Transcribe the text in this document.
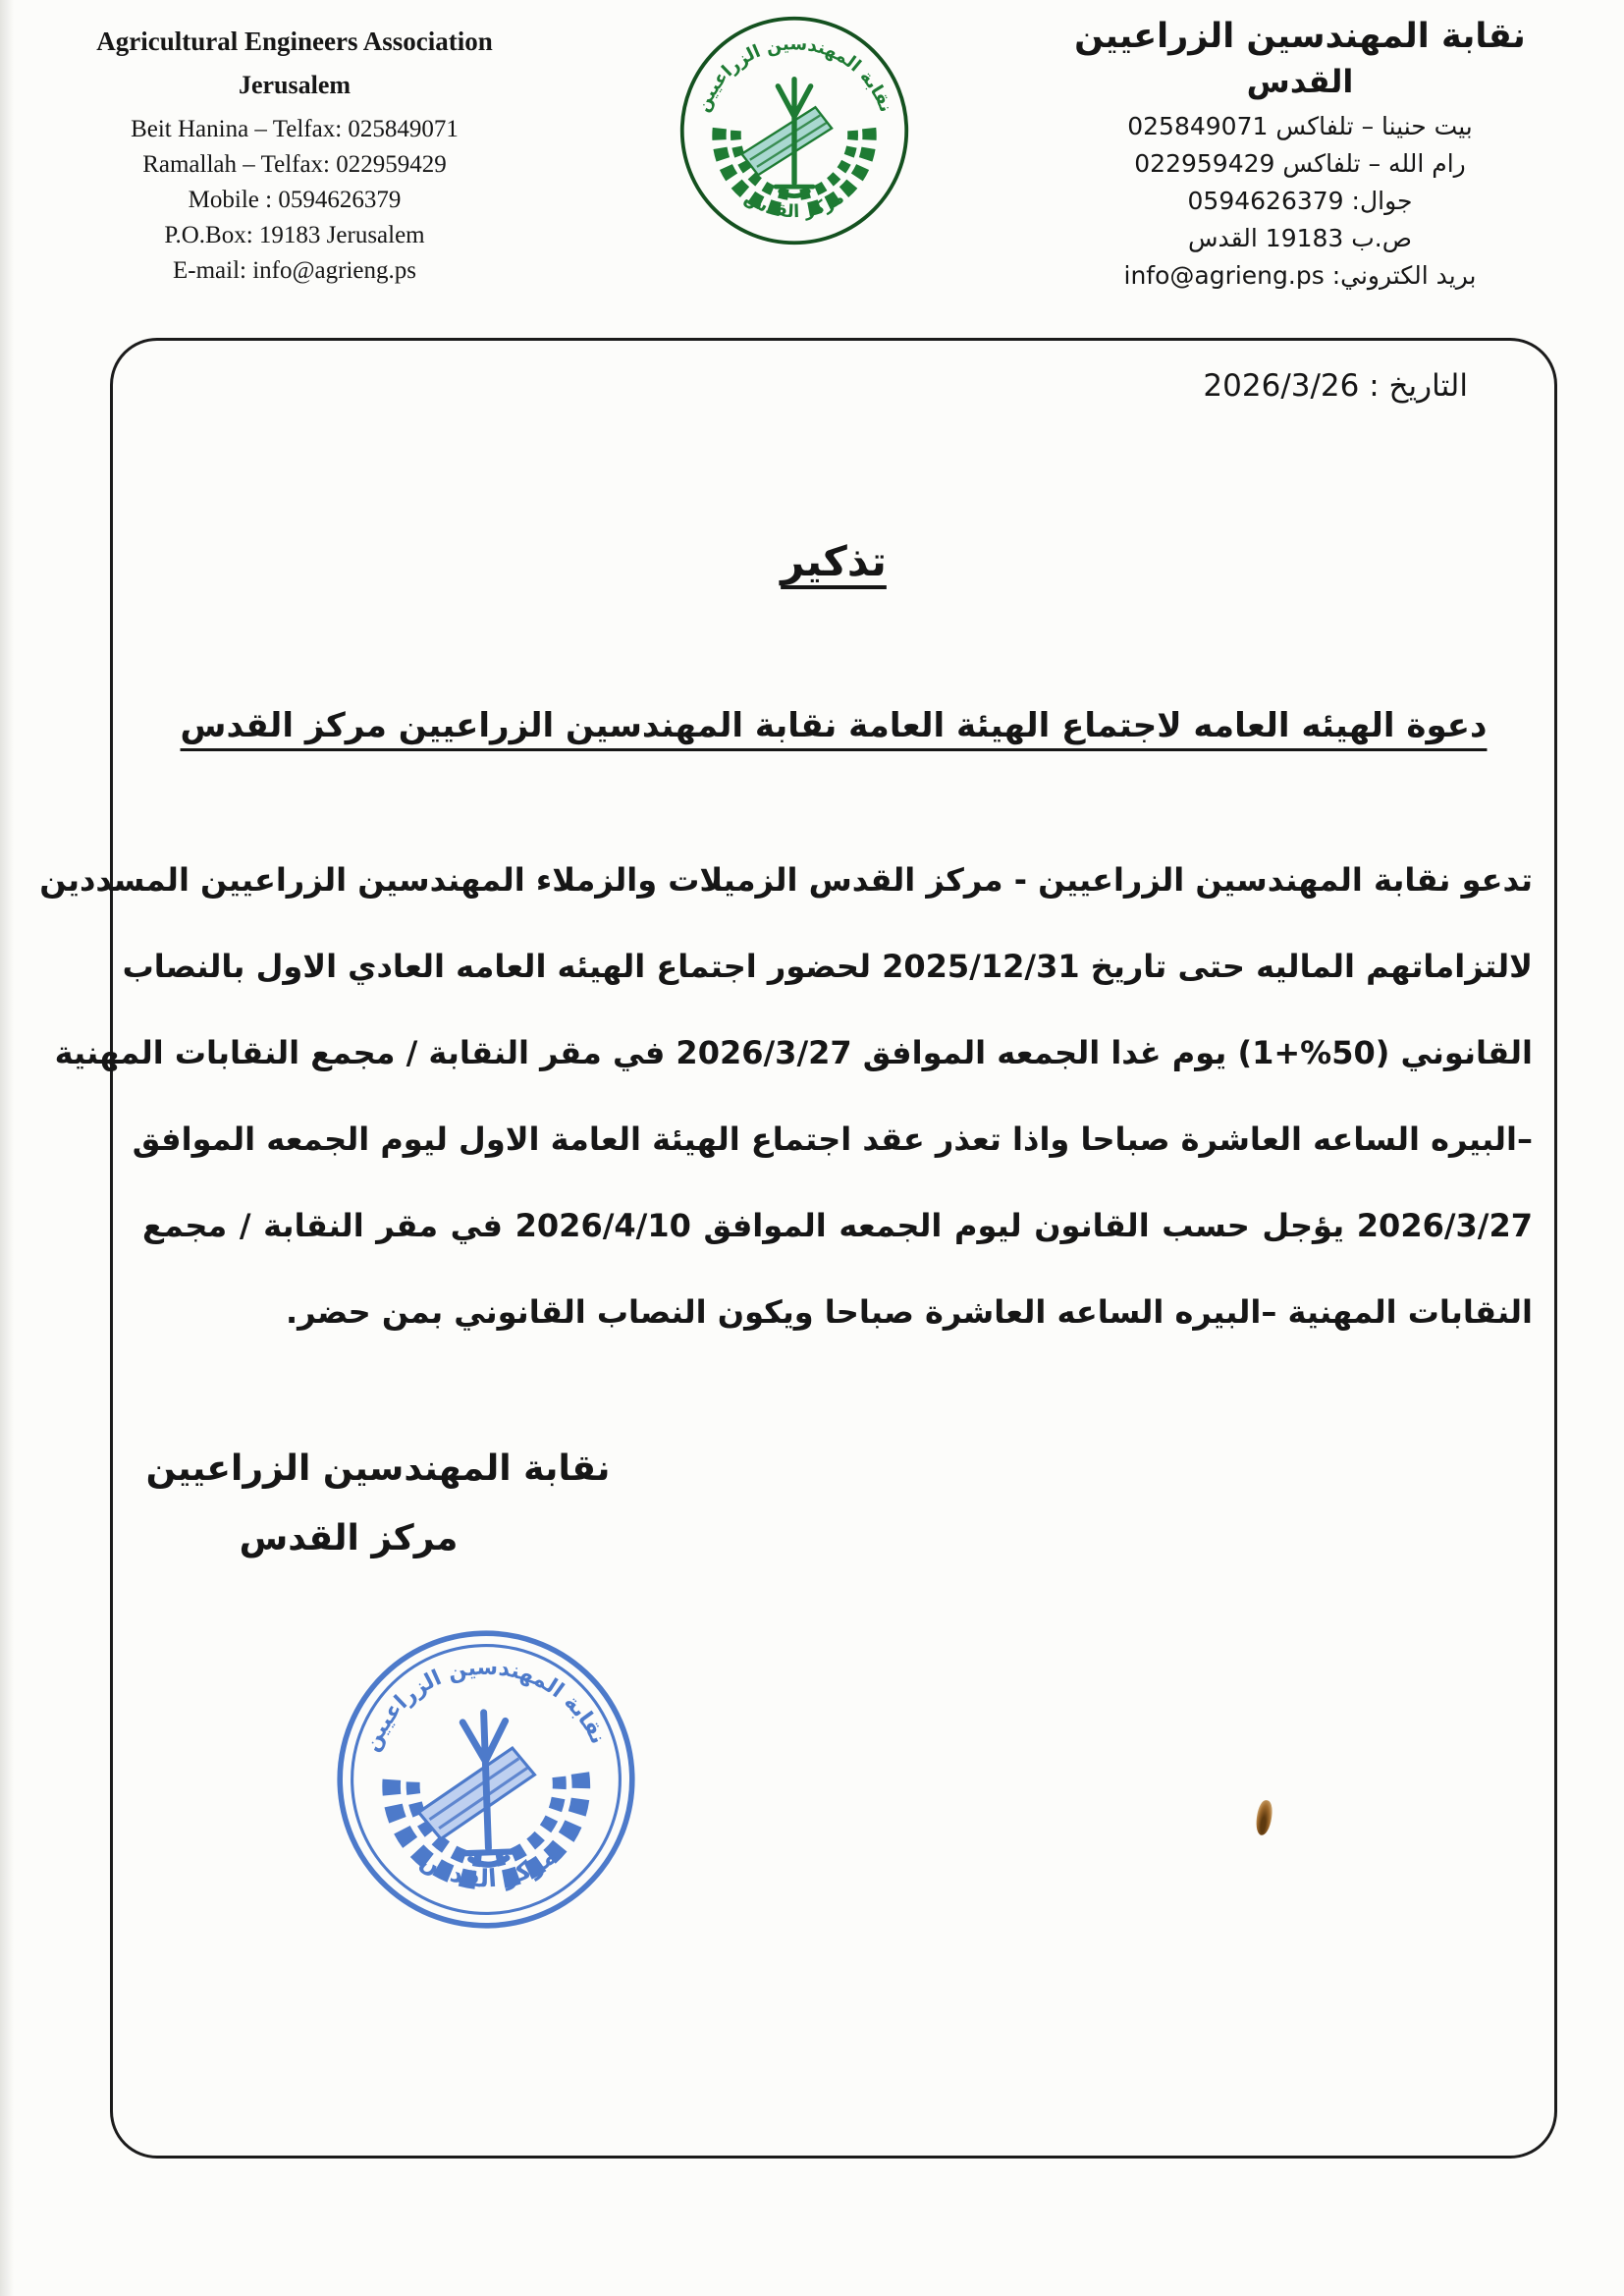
Agricultural Engineers Association
Jerusalem
Beit Hanina – Telfax: 025849071
Ramallah – Telfax: 022959429
Mobile : 0594626379
P.O.Box: 19183 Jerusalem
E-mail: info@agrieng.ps
نقابة المهندسين الزراعيين
مركز القدس
نقابة المهندسين الزراعيين
القدس
بيت حنينا – تلفاكس 025849071
رام الله – تلفاكس 022959429
جوال: 0594626379
ص.ب 19183 القدس
بريد الكتروني: info@agrieng.ps
التاريخ : 2026/3/26
تذكير
دعوة الهيئه العامه لاجتماع الهيئة العامة نقابة المهندسين الزراعيين مركز القدس
تدعو نقابة المهندسين الزراعيين - مركز القدس الزميلات والزملاء المهندسين الزراعيين المسددين
لالتزاماتهم الماليه حتى تاريخ 2025/12/31 لحضور اجتماع الهيئه العامه العادي الاول بالنصاب
القانوني (50%+1) يوم غدا الجمعه الموافق 2026/3/27 في مقر النقابة / مجمع النقابات المهنية
–البيره الساعه العاشرة صباحا واذا تعذر عقد اجتماع الهيئة العامة الاول ليوم الجمعه الموافق
2026/3/27 يؤجل حسب القانون ليوم الجمعه الموافق 2026/4/10 في مقر النقابة / مجمع
النقابات المهنية –البيره الساعه العاشرة صباحا ويكون النصاب القانوني بمن حضر.
نقابة المهندسين الزراعيين
مركز القدس
نقابة المهندسين الزراعيين
مركز القدس
